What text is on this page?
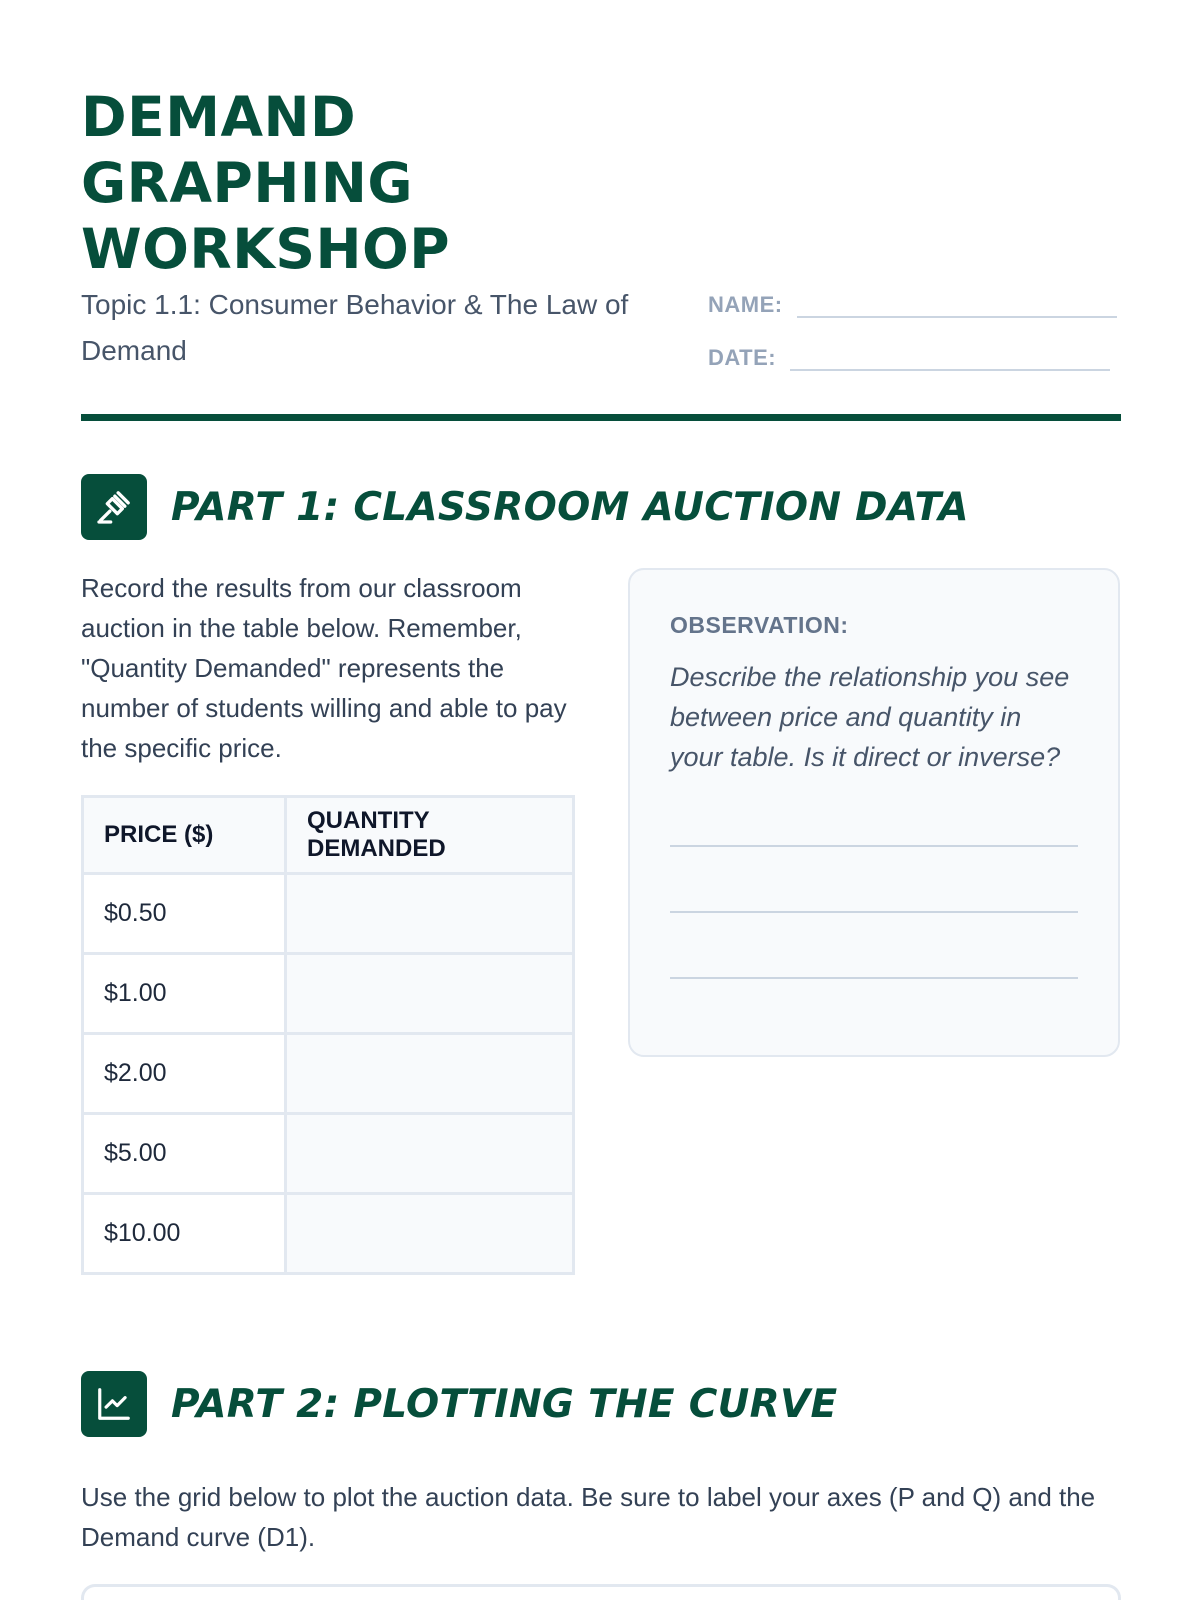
DEMAND
GRAPHING
WORKSHOP

Topic 1.1: Consumer Behavior & The Law of Demand

NAME:
DATE:
PART 1: CLASSROOM AUCTION DATA

Record the results from our classroom auction in the table below. Remember, "Quantity Demanded" represents the number of students willing and able to pay the specific price.

PRICE ($)	QUANTITY DEMANDED
$0.50	
$1.00	
$2.00	
$5.00	
$10.00	

OBSERVATION:

Describe the relationship you see between price and quantity in your table. Is it direct or inverse?

PART 2: PLOTTING THE CURVE

Use the grid below to plot the auction data. Be sure to label your axes (P and Q) and the Demand curve (D1).
